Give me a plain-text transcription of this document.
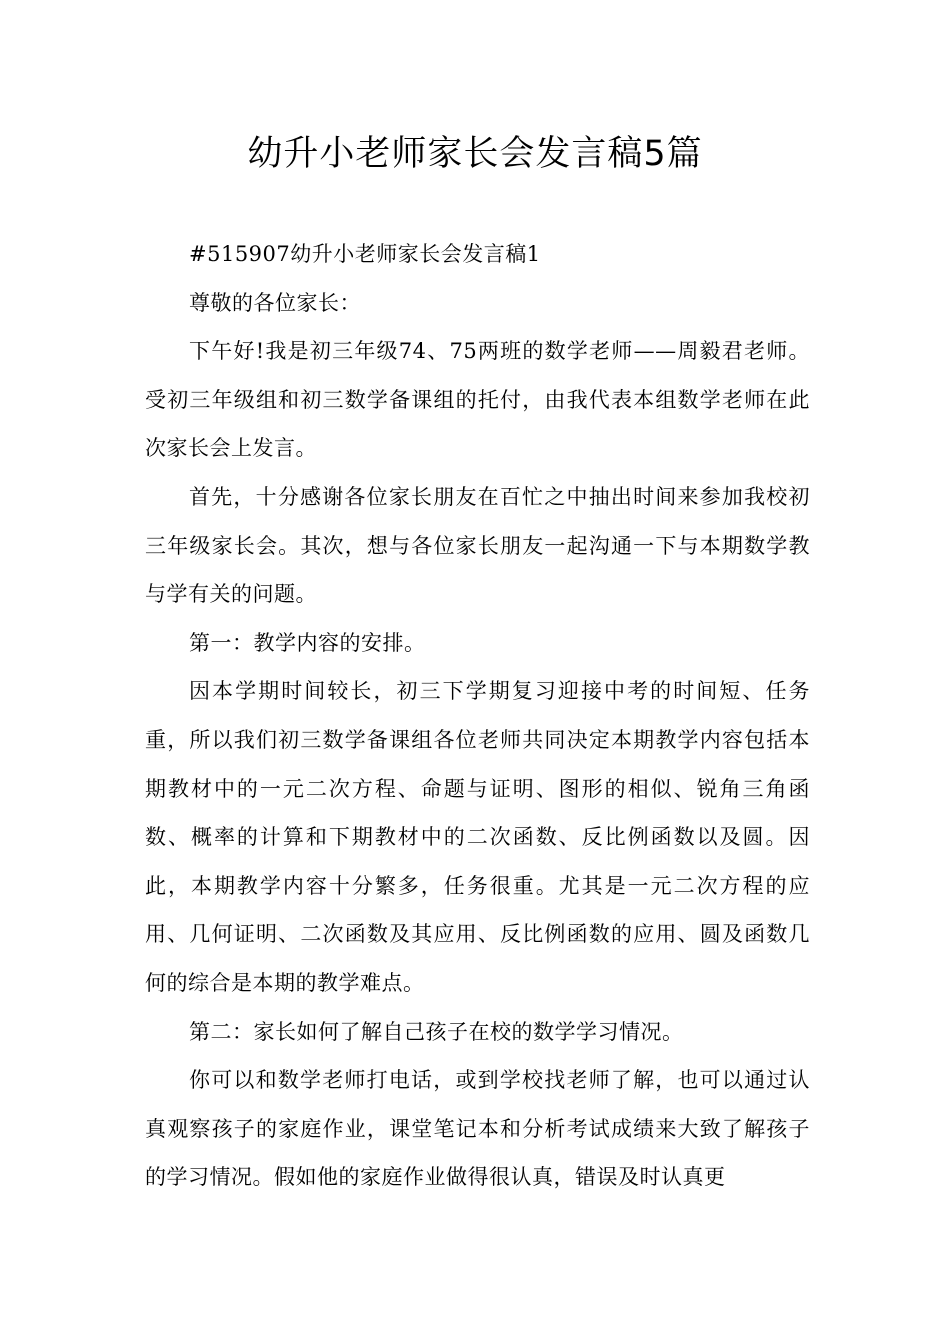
幼升小老师家长会发言稿5篇

#515907幼升小老师家长会发言稿1

尊敬的各位家长：

下午好!我是初三年级74、75两班的数学老师——周毅君老师。受初三年级组和初三数学备课组的托付，由我代表本组数学老师在此次家长会上发言。

首先，十分感谢各位家长朋友在百忙之中抽出时间来参加我校初三年级家长会。其次，想与各位家长朋友一起沟通一下与本期数学教与学有关的问题。

第一：教学内容的安排。

因本学期时间较长，初三下学期复习迎接中考的时间短、任务重，所以我们初三数学备课组各位老师共同决定本期教学内容包括本期教材中的一元二次方程、命题与证明、图形的相似、锐角三角函数、概率的计算和下期教材中的二次函数、反比例函数以及圆。因此，本期教学内容十分繁多，任务很重。尤其是一元二次方程的应用、几何证明、二次函数及其应用、反比例函数的应用、圆及函数几何的综合是本期的教学难点。

第二：家长如何了解自己孩子在校的数学学习情况。

你可以和数学老师打电话，或到学校找老师了解，也可以通过认真观察孩子的家庭作业，课堂笔记本和分析考试成绩来大致了解孩子的学习情况。假如他的家庭作业做得很认真，错误及时认真更
